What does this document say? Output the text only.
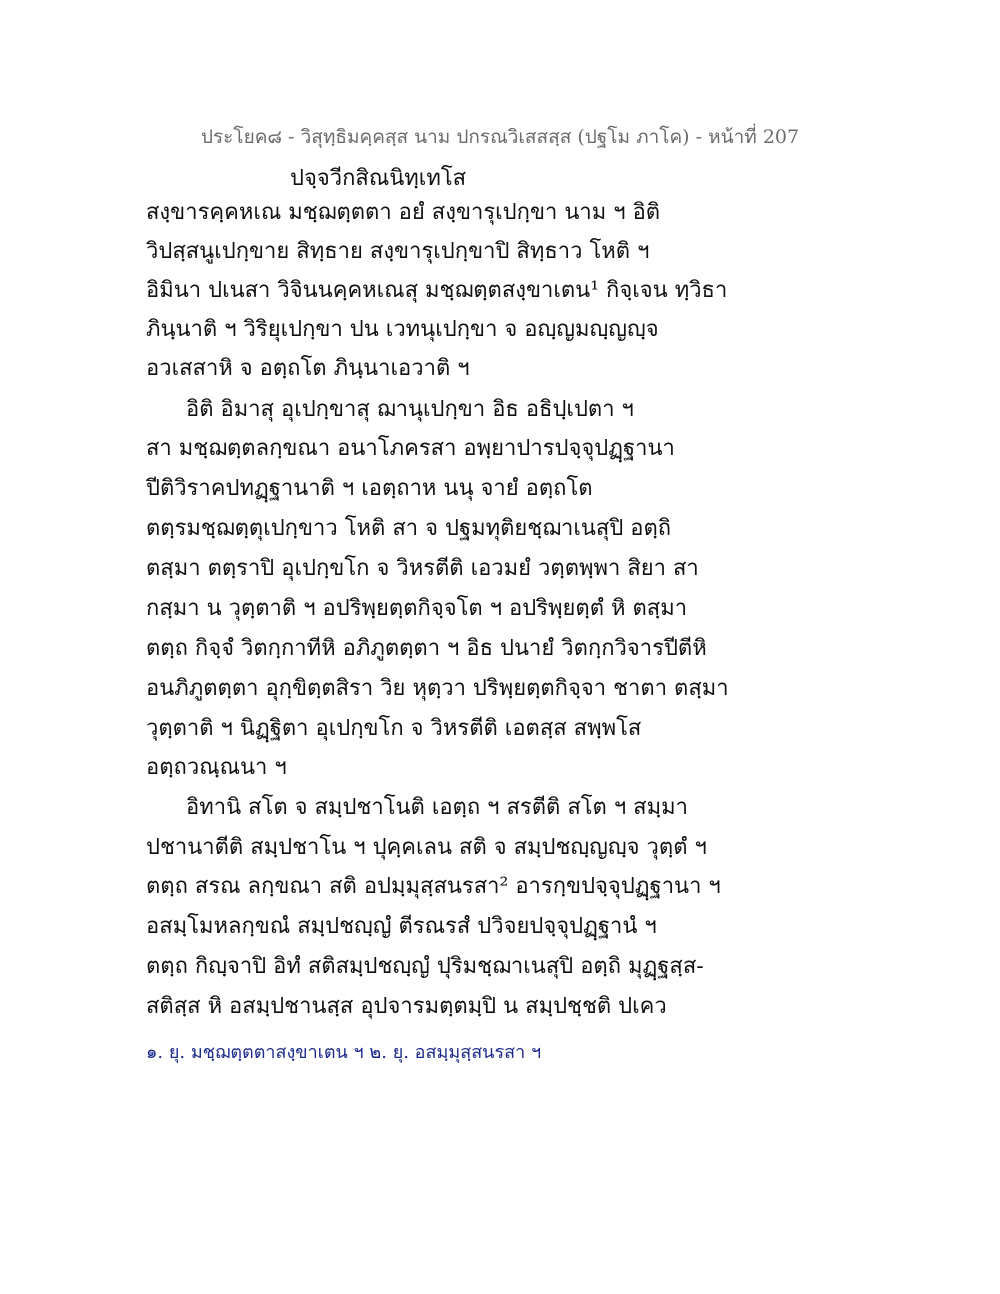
ประโยค๘ - วิสุทฺธิมคฺคสฺส นาม ปกรณวิเสสสฺส (ปฐโม ภาโค) - หน้าที่ 207
ปจฺจวีกสิณนิทฺเทโส
สงฺขารคฺคหเณ มชฺฌตฺตตา อยํ สงฺขารุเปกฺขา นาม ฯ อิติ
วิปสฺสนูเปกฺขาย สิทฺธาย สงฺขารุเปกฺขาปิ สิทฺธาว โหติ ฯ
อิมินา ปเนสา วิจินนคฺคหเณสุ มชฺฌตฺตสงฺขาเตน¹ กิจฺเจน ทฺวิธา
ภินฺนาติ ฯ วิริยุเปกฺขา ปน เวทนุเปกฺขา จ อญฺญมญฺญญฺจ
อวเสสาหิ จ อตฺถโต ภินฺนาเอวาติ ฯ
อิติ อิมาสุ อุเปกฺขาสุ ฌานุเปกฺขา อิธ อธิปฺเปตา ฯ
สา มชฺฌตฺตลกฺขณา อนาโภครสา อพฺยาปารปจฺจุปฏฺฐานา
ปีติวิราคปทฏฺฐานาติ ฯ เอตฺถาห นนุ จายํ อตฺถโต
ตตฺรมชฺฌตฺตุเปกฺขาว โหติ สา จ ปฐมทุติยชฺฌาเนสุปิ อตฺถิ
ตสฺมา ตตฺราปิ อุเปกฺขโก จ วิหรตีติ เอวมยํ วตฺตพฺพา สิยา สา
กสฺมา น วุตฺตาติ ฯ อปริพฺยตฺตกิจฺจโต ฯ อปริพฺยตฺตํ หิ ตสฺมา
ตตฺถ กิจฺจํ วิตกฺกาทีหิ อภิภูตตฺตา ฯ อิธ ปนายํ วิตกฺกวิจารปีตีหิ
อนภิภูตตฺตา อุกฺขิตฺตสิรา วิย หุตฺวา ปริพฺยตฺตกิจฺจา ชาตา ตสฺมา
วุตฺตาติ ฯ นิฏฺฐิตา อุเปกฺขโก จ วิหรตีติ เอตสฺส สพฺพโส
อตฺถวณฺณนา ฯ
อิทานิ สโต จ สมฺปชาโนติ เอตฺถ ฯ สรตีติ สโต ฯ สมฺมา
ปชานาตีติ สมฺปชาโน ฯ ปุคฺคเลน สติ จ สมฺปชญฺญญฺจ วุตฺตํ ฯ
ตตฺถ สรณ ลกฺขณา สติ อปมฺมุสฺสนรสา² อารกฺขปจฺจุปฏฺฐานา ฯ
อสมฺโมหลกฺขณํ สมฺปชญฺญํ ตีรณรสํ ปวิจยปจฺจุปฏฺฐานํ ฯ
ตตฺถ กิญฺจาปิ อิทํ สติสมฺปชญฺญํ ปุริมชฺฌาเนสุปิ อตฺถิ มุฏฺฐสฺส-
สติสฺส หิ อสมฺปชานสฺส อุปจารมตฺตมฺปิ น สมฺปชฺชติ ปเคว
๑. ยุ. มชฺฌตฺตตาสงฺขาเตน ฯ ๒. ยุ. อสมฺมุสฺสนรสา ฯ
